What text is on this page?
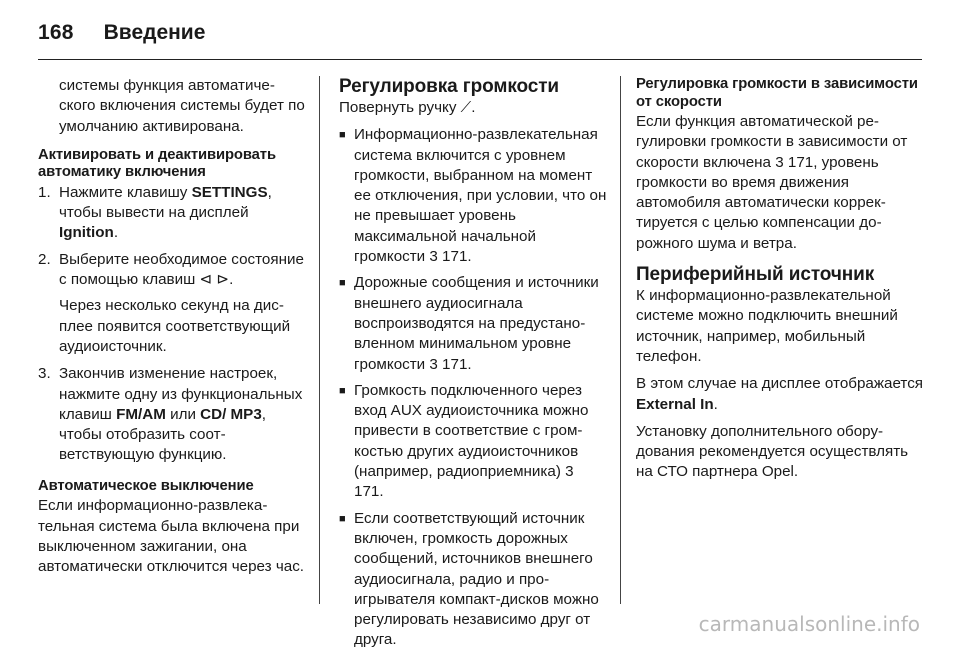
168 Введение

системы функция автоматического включения системы будет по умолчанию активирована.

Активировать и деактивировать автоматику включения
1. Нажмите клавишу SETTINGS, чтобы вывести на дисплей Ignition.
2. Выберите необходимое состояние с помощью клавиш ⊲ ⊳.

Через несколько секунд на дисплее появится соответствующий аудиоисточник.

3. Закончив изменение настроек, нажмите одну из функциональных клавиш FM/AM или CD/ MP3, чтобы отобразить соответствующую функцию.
Автоматическое выключение

Если информационно-развлекательная система была включена при выключенном зажигании, она автоматически отключится через час.

Регулировка громкости

Повернуть ручку ⟋.

■ Информационно-развлекательная система включится с уровнем громкости, выбранном на момент ее отключения, при условии, что он не превышает уровень максимальной начальной громкости 3 171.
■ Дорожные сообщения и источники внешнего аудиосигнала воспроизводятся на предустановленном минимальном уровне громкости 3 171.
■ Громкость подключенного через вход AUX аудиоисточника можно привести в соответствие с громкостью других аудиоисточников (например, радиоприемника) 3 171.
■ Если соответствующий источник включен, громкость дорожных сообщений, источников внешнего аудиосигнала, радио и проигрывателя компакт-дисков можно регулировать независимо друг от друга.
Регулировка громкости в зависимости от скорости

Если функция автоматической регулировки громкости в зависимости от скорости включена 3 171, уровень громкости во время движения автомобиля автоматически корректируется с целью компенсации дорожного шума и ветра.

Периферийный источник

К информационно-развлекательной системе можно подключить внешний источник, например, мобильный телефон.

В этом случае на дисплее отображается External In.

Установку дополнительного оборудования рекомендуется осуществлять на СТО партнера Opel.

carmanualsonline.info
